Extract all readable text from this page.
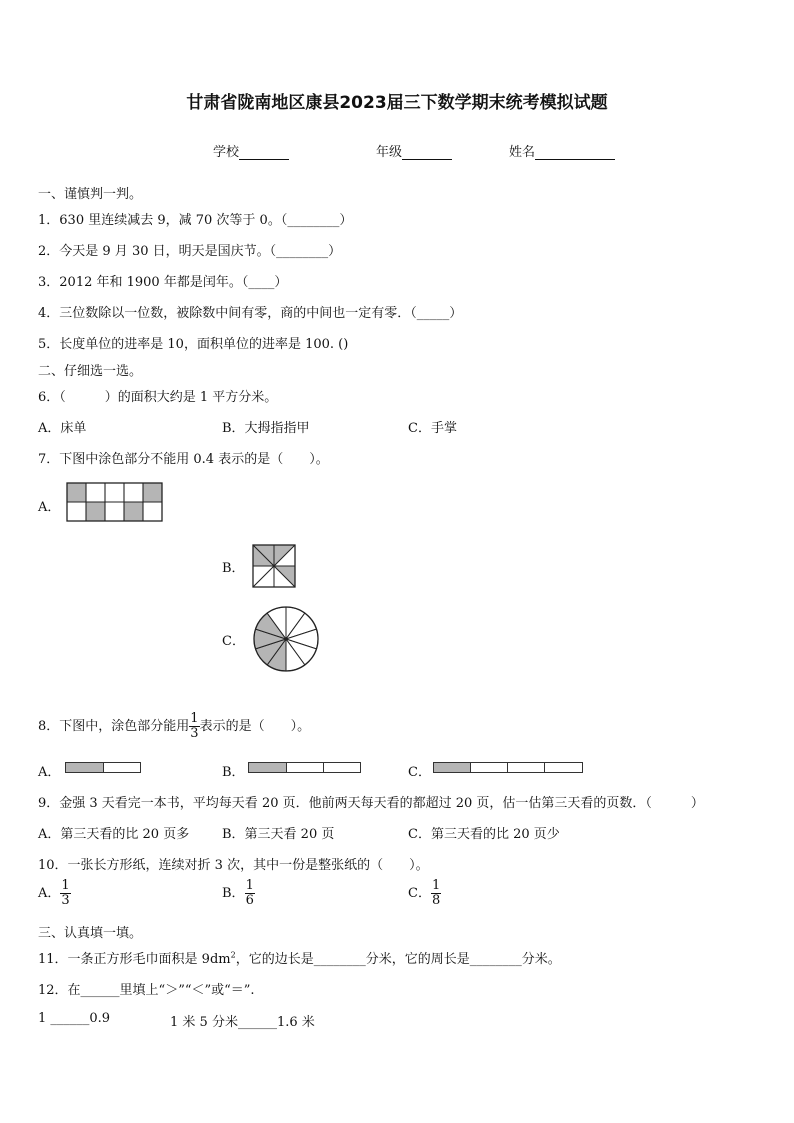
甘肃省陇南地区康县2023届三下数学期末统考模拟试题
学校	年级	姓名
一、谨慎判一判。
1．630 里连续减去 9，减 70 次等于 0。（________）
2．今天是 9 月 30 日，明天是国庆节。（________）
3．2012 年和 1900 年都是闰年。（____）
4．三位数除以一位数，被除数中间有零，商的中间也一定有零．（_____）
5．长度单位的进率是 10，面积单位的进率是 100. ()
二、仔细选一选。
6．（　　　）的面积大约是 1 平方分米。
A．床单	B．大拇指指甲	C．手掌
7．下图中涂色部分不能用 0.4 表示的是（　　）。
A．
B．
C．
8．下图中，涂色部分能用 $\frac{1}{3}$ 表示的是（　　）。
A．	B．	C．
9．金强 3 天看完一本书，平均每天看 20 页．他前两天每天看的都超过 20 页，估一估第三天看的页数．（　　　）
A．第三天看的比 20 页多	B．第三天看 20 页	C．第三天看的比 20 页少
10．一张长方形纸，连续对折 3 次，其中一份是整张纸的（　　）。
A． $\frac{1}{3}$	B． $\frac{1}{6}$	C． $\frac{1}{8}$
三、认真填一填。
11．一条正方形毛巾面积是 $9dm^2$，它的边长是________分米，它的周长是________分米。
12．在______里填上“＞”“＜”或“＝”.
1 ______0.9	1 米 5 分米______1.6 米
